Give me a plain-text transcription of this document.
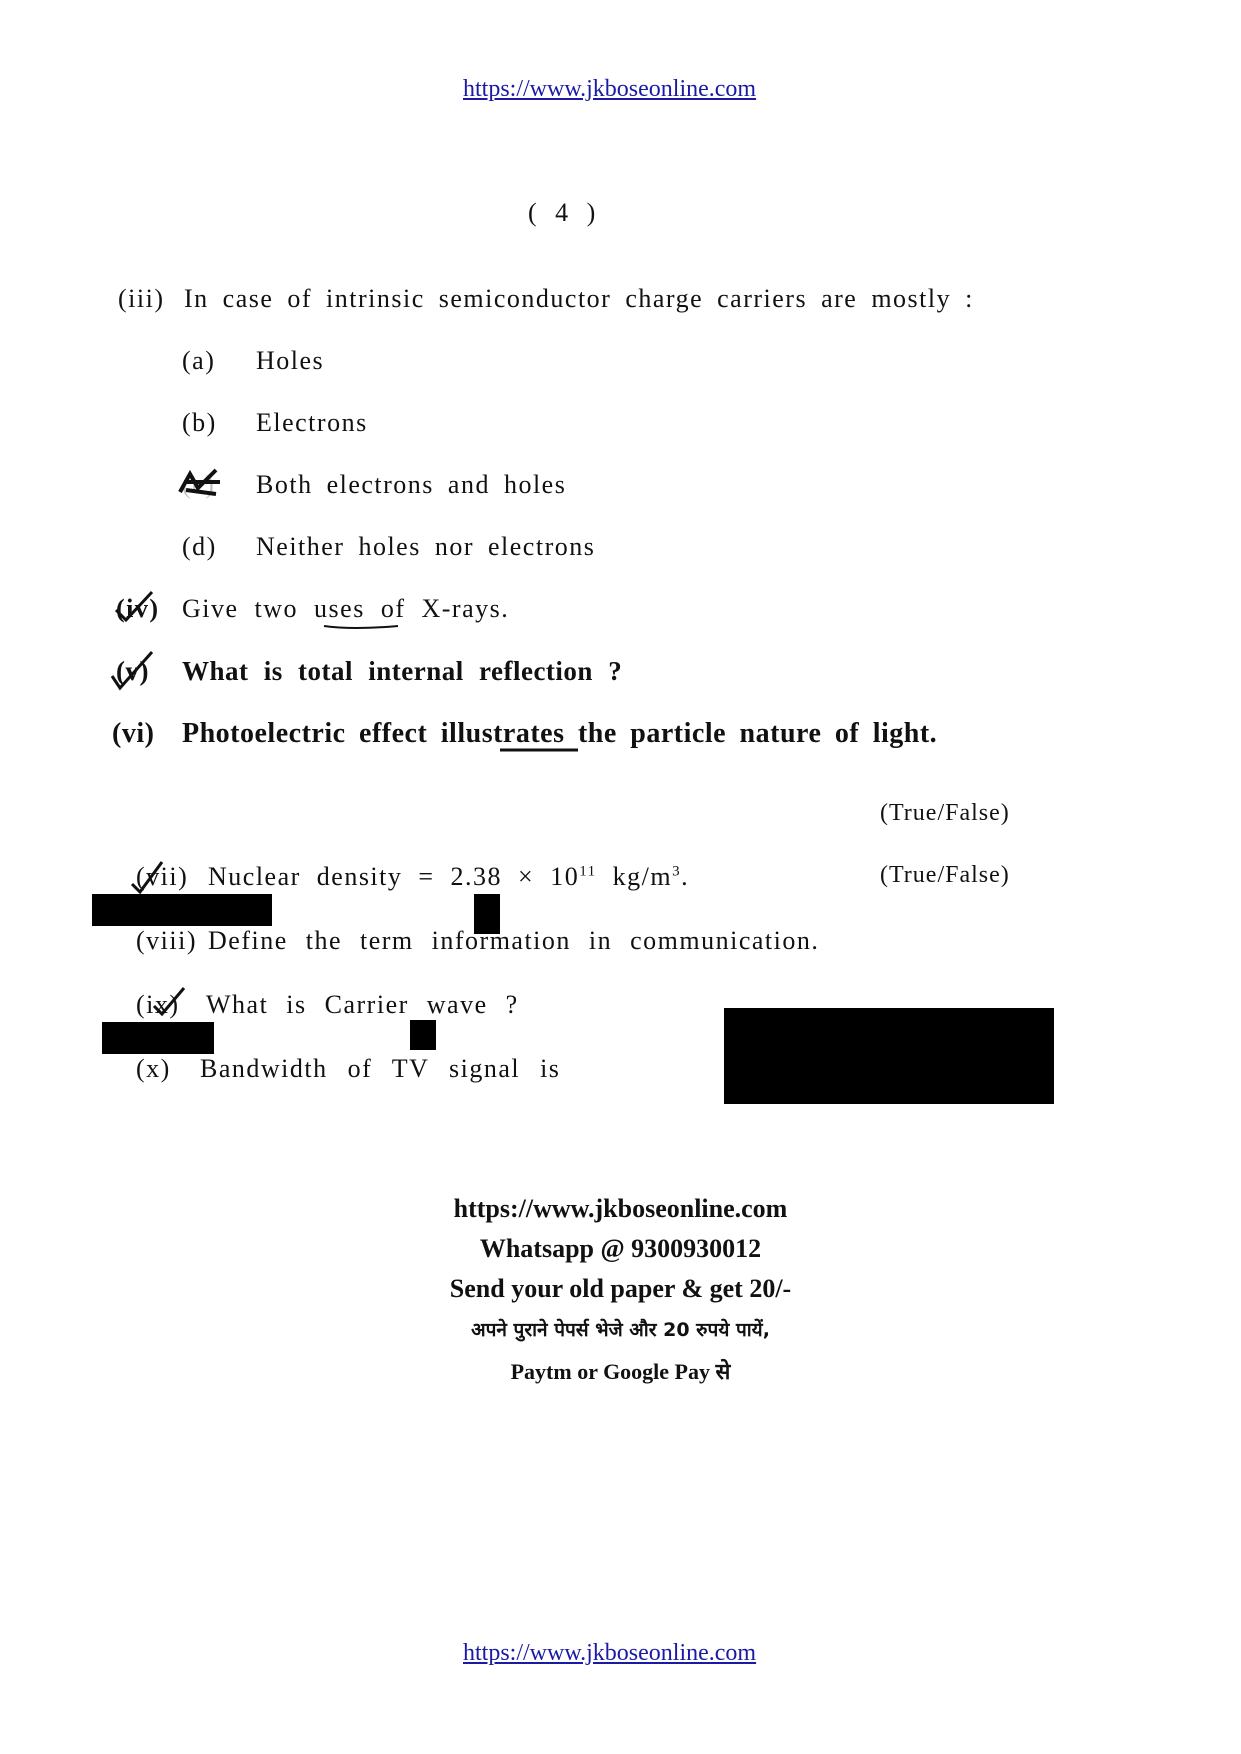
https://www.jkboseonline.com
( 4 )
(iii) In case of intrinsic semiconductor charge carriers are mostly :
(a) Holes
(b) Electrons
(c) Both electrons and holes
(d) Neither holes nor electrons
(iv) Give two uses of X-rays.
(v) What is total internal reflection ?
(vi) Photoelectric effect illustrates the particle nature of light.
(True/False)
(vii) Nuclear density = $2.38 \times 10^{11}$ $kg/m^3$.	(True/False)
(viii) Define the term information in communication.
(ix) What is Carrier wave ?
(x) Bandwidth of TV signal is
https://www.jkboseonline.com
Whatsapp @ 9300930012
Send your old paper & get 20/-
अपने पुराने पेपर्स भेजे और 20 रुपये पायें,
Paytm or Google Pay से
https://www.jkboseonline.com
